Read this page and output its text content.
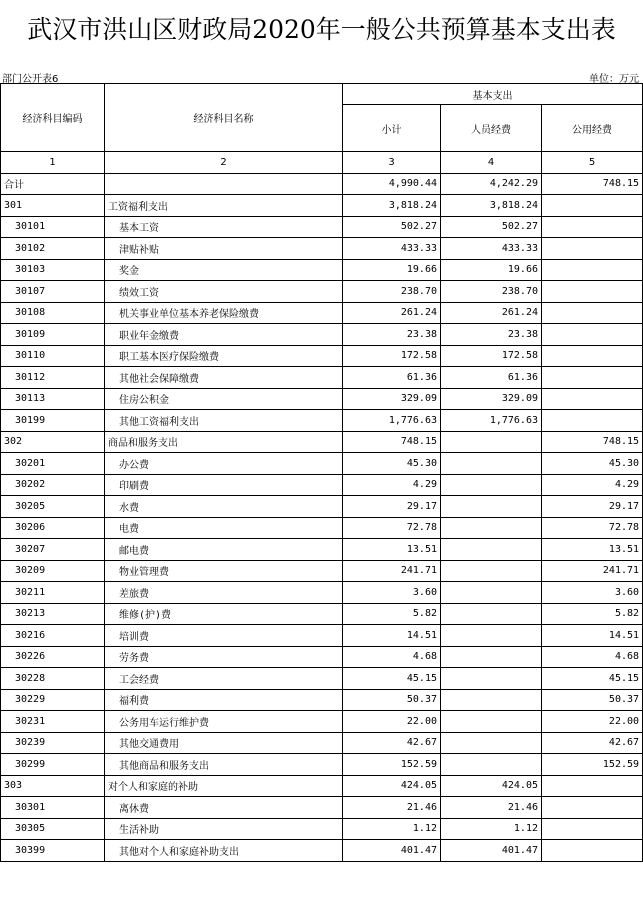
武汉市洪山区财政局2020年一般公共预算基本支出表
部门公开表6	单位：万元
经济科目编码	经济科目名称	基本支出		
		小计	人员经费	公用经费
1	2	3	4	5
合计		4,990.44	4,242.29	748.15
301	工资福利支出	3,818.24	3,818.24	
30101	基本工资	502.27	502.27	
30102	津贴补贴	433.33	433.33	
30103	奖金	19.66	19.66	
30107	绩效工资	238.70	238.70	
30108	机关事业单位基本养老保险缴费	261.24	261.24	
30109	职业年金缴费	23.38	23.38	
30110	职工基本医疗保险缴费	172.58	172.58	
30112	其他社会保障缴费	61.36	61.36	
30113	住房公积金	329.09	329.09	
30199	其他工资福利支出	1,776.63	1,776.63	
302	商品和服务支出	748.15		748.15
30201	办公费	45.30		45.30
30202	印刷费	4.29		4.29
30205	水费	29.17		29.17
30206	电费	72.78		72.78
30207	邮电费	13.51		13.51
30209	物业管理费	241.71		241.71
30211	差旅费	3.60		3.60
30213	维修(护)费	5.82		5.82
30216	培训费	14.51		14.51
30226	劳务费	4.68		4.68
30228	工会经费	45.15		45.15
30229	福利费	50.37		50.37
30231	公务用车运行维护费	22.00		22.00
30239	其他交通费用	42.67		42.67
30299	其他商品和服务支出	152.59		152.59
303	对个人和家庭的补助	424.05	424.05	
30301	离休费	21.46	21.46	
30305	生活补助	1.12	1.12	
30399	其他对个人和家庭补助支出	401.47	401.47	
